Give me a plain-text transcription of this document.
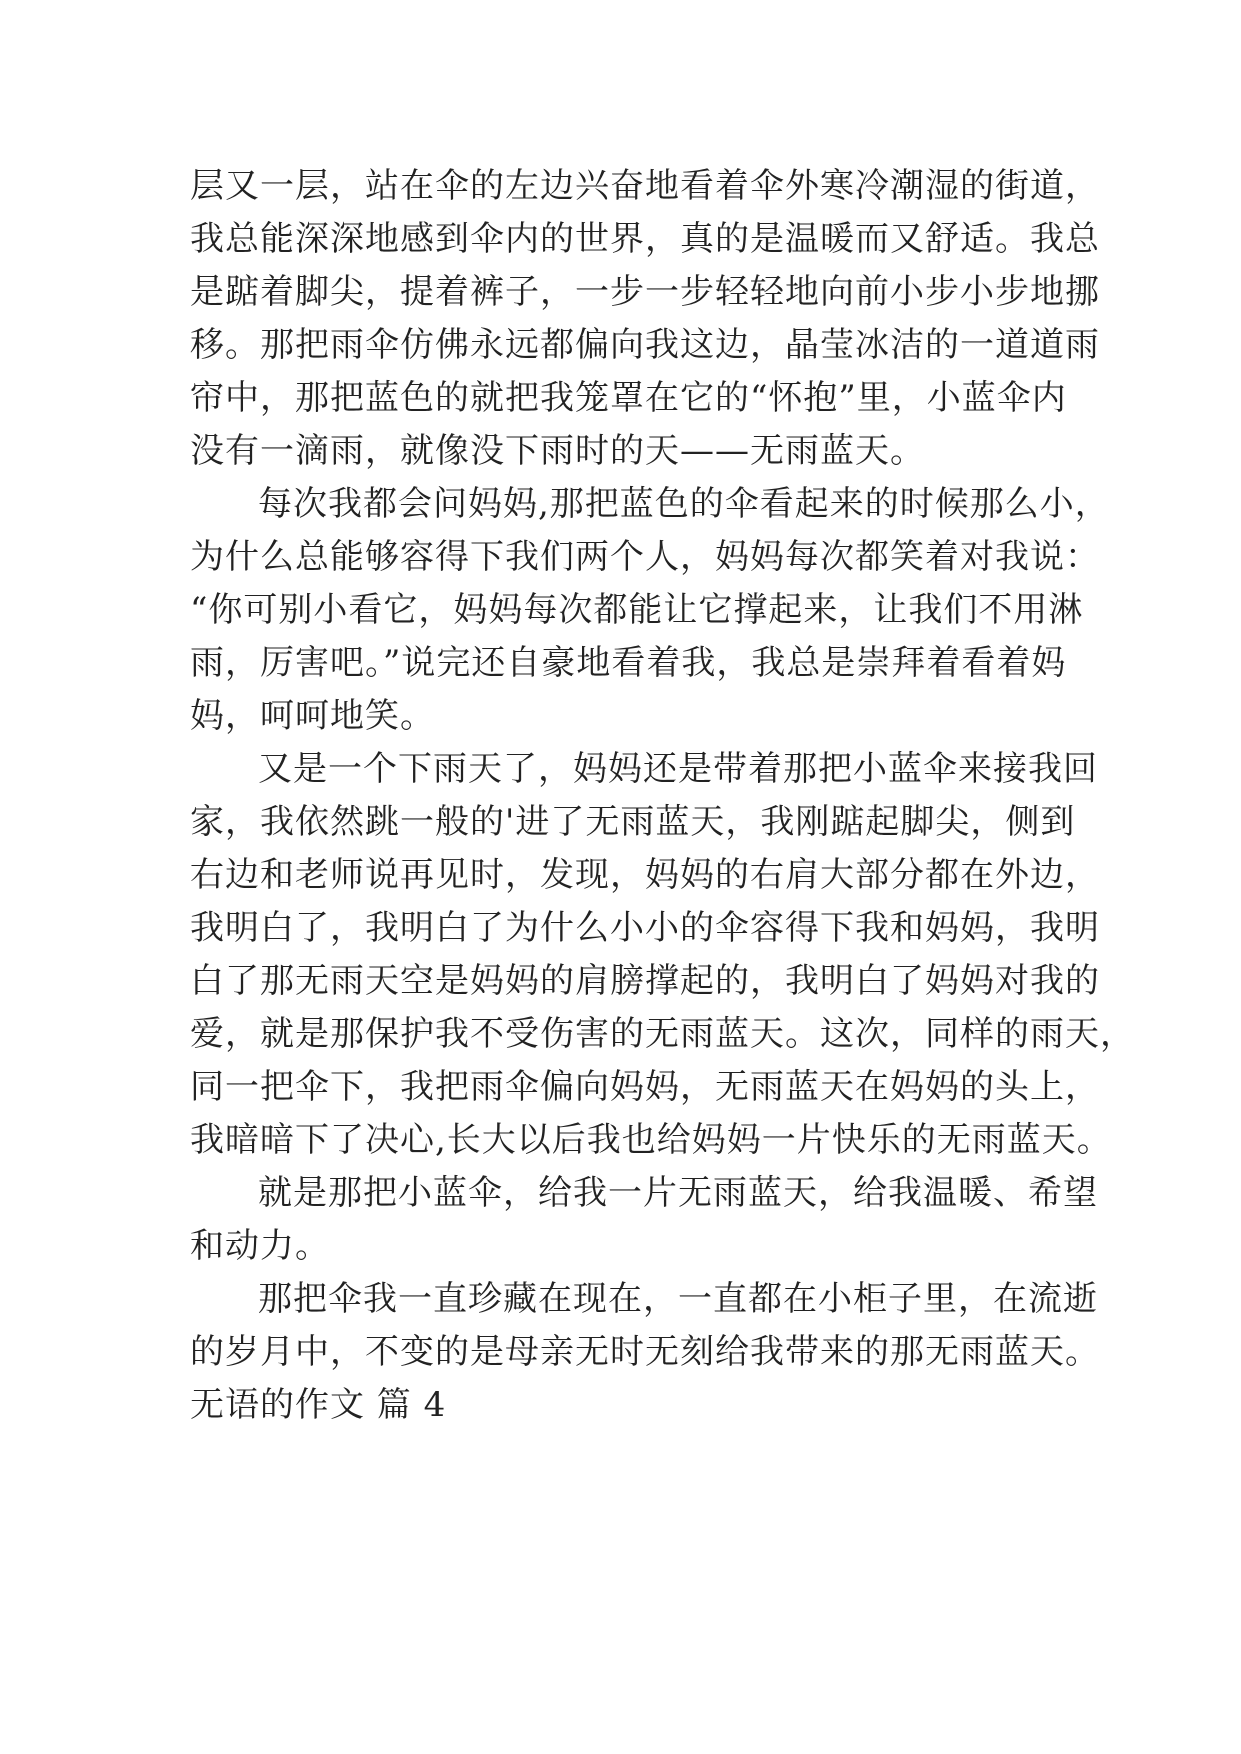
层又一层，站在伞的左边兴奋地看着伞外寒冷潮湿的街道，
我总能深深地感到伞内的世界，真的是温暖而又舒适。我总
是踮着脚尖，提着裤子，一步一步轻轻地向前小步小步地挪
移。那把雨伞仿佛永远都偏向我这边，晶莹冰洁的一道道雨
帘中，那把蓝色的就把我笼罩在它的“怀抱”里，小蓝伞内
没有一滴雨，就像没下雨时的天——无雨蓝天。
每次我都会问妈妈,那把蓝色的伞看起来的时候那么小，
为什么总能够容得下我们两个人，妈妈每次都笑着对我说：
“你可别小看它，妈妈每次都能让它撑起来，让我们不用淋
雨，厉害吧。”说完还自豪地看着我，我总是崇拜着看着妈
妈，呵呵地笑。
又是一个下雨天了，妈妈还是带着那把小蓝伞来接我回
家，我依然跳一般的'进了无雨蓝天，我刚踮起脚尖，侧到
右边和老师说再见时，发现，妈妈的右肩大部分都在外边，
我明白了，我明白了为什么小小的伞容得下我和妈妈，我明
白了那无雨天空是妈妈的肩膀撑起的，我明白了妈妈对我的
爱，就是那保护我不受伤害的无雨蓝天。这次，同样的雨天，
同一把伞下，我把雨伞偏向妈妈，无雨蓝天在妈妈的头上，
我暗暗下了决心,长大以后我也给妈妈一片快乐的无雨蓝天。
就是那把小蓝伞，给我一片无雨蓝天，给我温暖、希望
和动力。
那把伞我一直珍藏在现在，一直都在小柜子里，在流逝
的岁月中，不变的是母亲无时无刻给我带来的那无雨蓝天。
无语的作文 篇 4
